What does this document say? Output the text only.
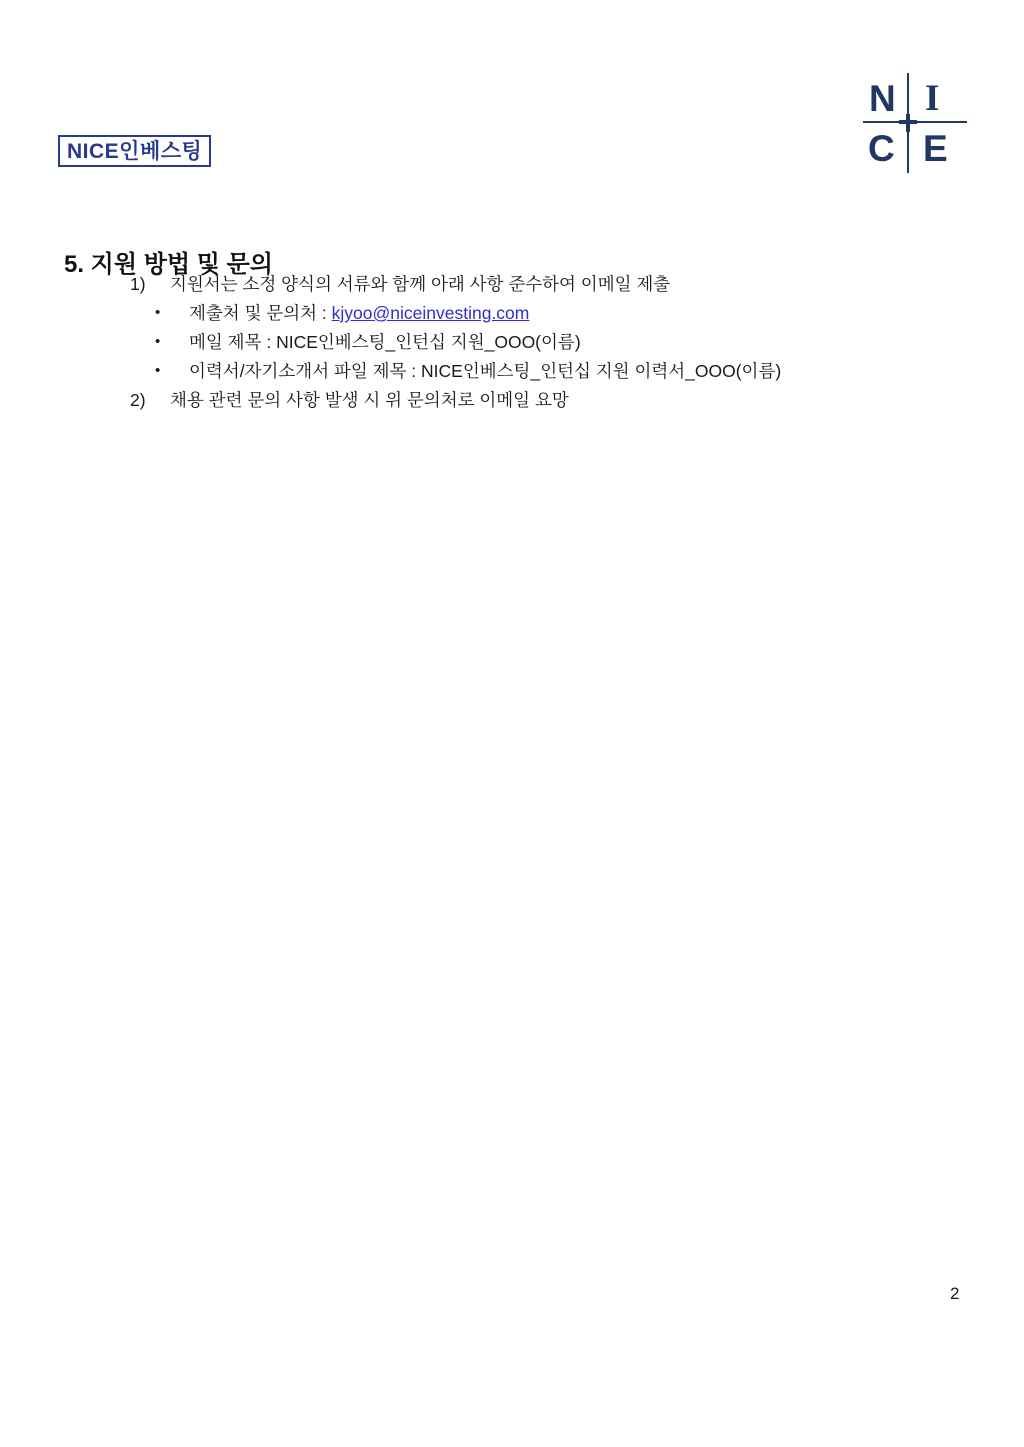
NICE인베스팅
N I
C E
5. 지원 방법 및 문의
1)	지원서는 소정 양식의 서류와 함께 아래 사항 준수하여 이메일 제출
•	제출처 및 문의처 : kjyoo@niceinvesting.com
•	메일 제목 : NICE인베스팅_인턴십 지원_OOO(이름)
•	이력서/자기소개서 파일 제목 : NICE인베스팅_인턴십 지원 이력서_OOO(이름)
2)	채용 관련 문의 사항 발생 시 위 문의처로 이메일 요망
2
